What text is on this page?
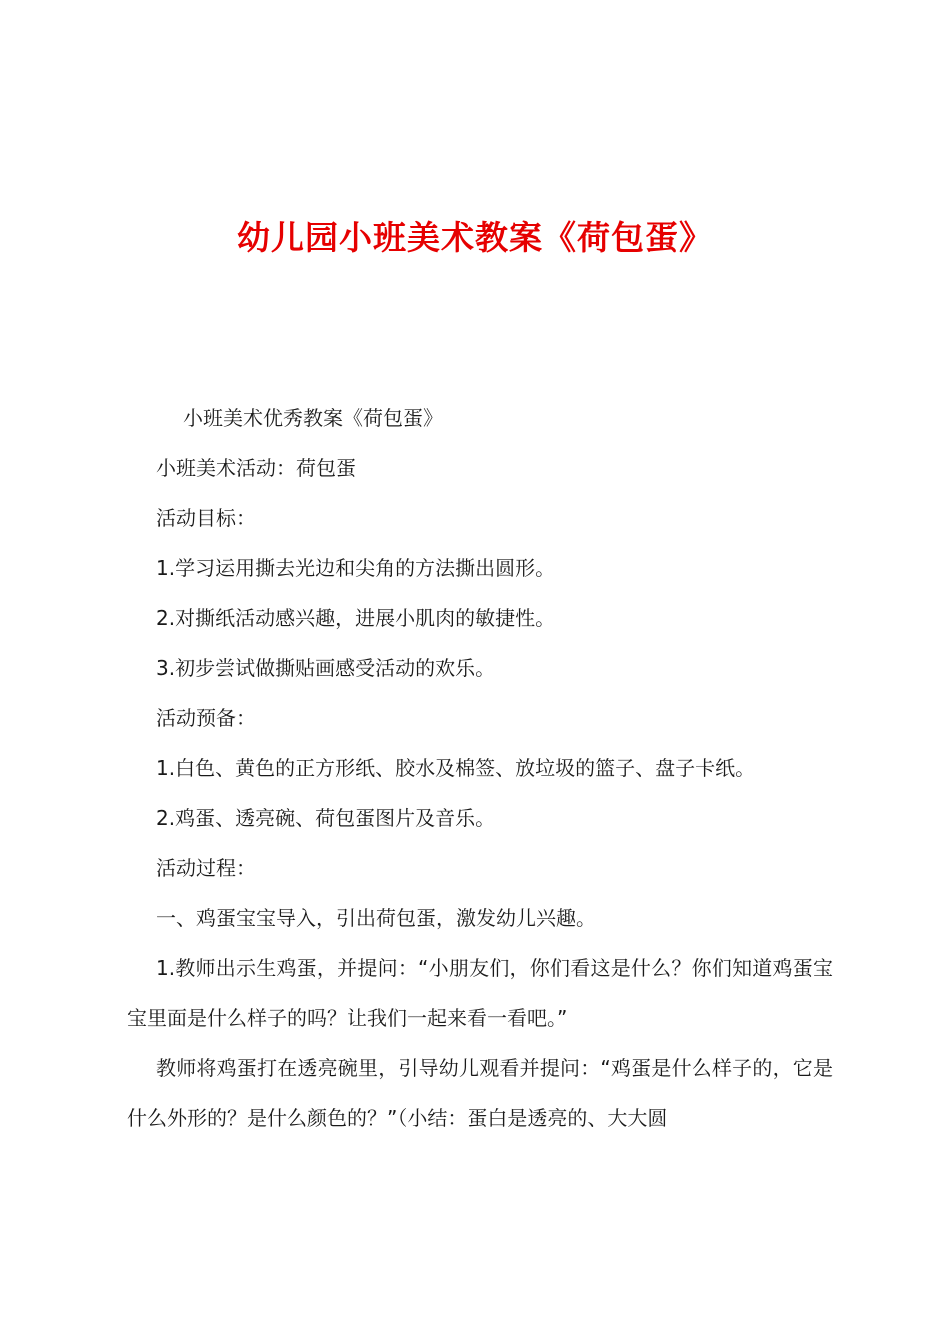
幼儿园小班美术教案《荷包蛋》

小班美术优秀教案《荷包蛋》

小班美术活动：荷包蛋

活动目标：

1.学习运用撕去光边和尖角的方法撕出圆形。

2.对撕纸活动感兴趣，进展小肌肉的敏捷性。

3.初步尝试做撕贴画感受活动的欢乐。

活动预备：

1.白色、黄色的正方形纸、胶水及棉签、放垃圾的篮子、盘子卡纸。

2.鸡蛋、透亮碗、荷包蛋图片及音乐。

活动过程：

一、鸡蛋宝宝导入，引出荷包蛋，激发幼儿兴趣。

1.教师出示生鸡蛋，并提问：“小朋友们，你们看这是什么？你们知道鸡蛋宝宝里面是什么样子的吗？让我们一起来看一看吧。”

教师将鸡蛋打在透亮碗里，引导幼儿观看并提问：“鸡蛋是什么样子的，它是什么外形的？是什么颜色的？”（小结：蛋白是透亮的、大大圆
